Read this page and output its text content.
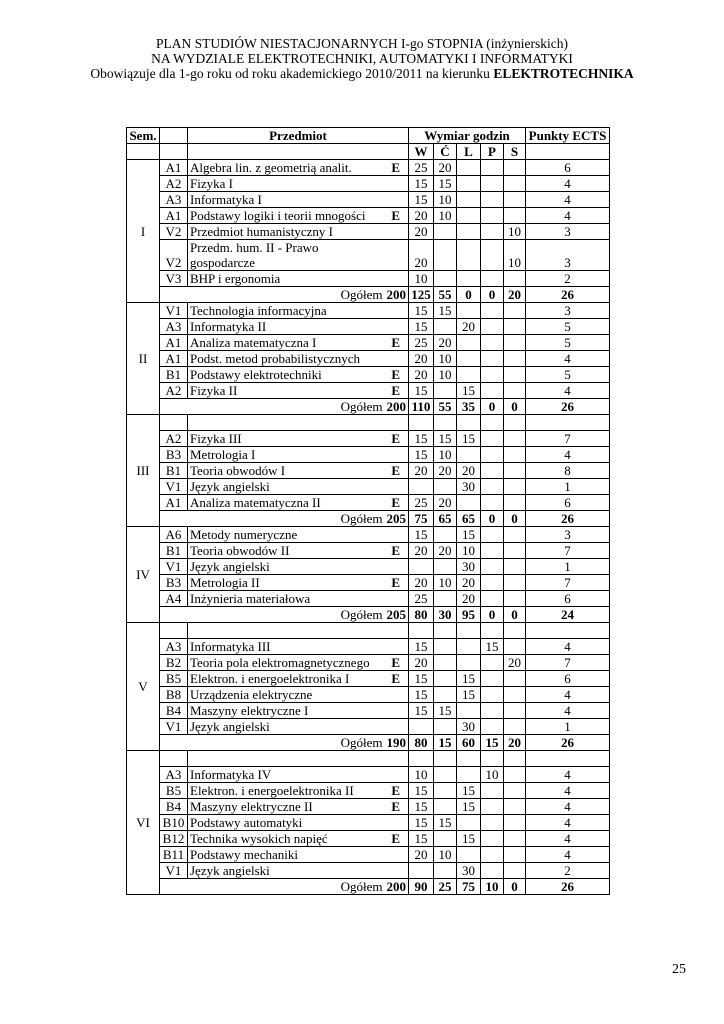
PLAN STUDIÓW NIESTACJONARNYCH I-go STOPNIA (inżynierskich)
NA WYDZIALE ELEKTROTECHNIKI, AUTOMATYKI I INFORMATYKI
Obowiązuje dla 1-go roku od roku akademickiego 2010/2011 na kierunku ELEKTROTECHNIKA
Sem.		Przedmiot	Wymiar godzin					Punkty ECTS
			W	Ć	L	P	S	
I	A1	Algebra lin. z geometrią analit. E	25	20				6
	A2	Fizyka I	15	15				4
	A3	Informatyka I	15	10				4
	A1	Podstawy logiki i teorii mnogości E	20	10				4
	V2	Przedmiot humanistyczny I	20				10	3
	V2	Przedm. hum. II - Prawo gospodarcze	20				10	3
	V3	BHP i ergonomia	10					2
	Ogółem 200		125	55	0	0	20	26
II	V1	Technologia informacyjna	15	15				3
	A3	Informatyka II	15		20			5
	A1	Analiza matematyczna I E	25	20				5
	A1	Podst. metod probabilistycznych	20	10				4
	B1	Podstawy elektrotechniki E	20	10				5
	A2	Fizyka II E	15		15			4
	Ogółem 200		110	55	35	0	0	26
III								
	A2	Fizyka III E	15	15	15			7
	B3	Metrologia I	15	10				4
	B1	Teoria obwodów I E	20	20	20			8
	V1	Język angielski			30			1
	A1	Analiza matematyczna II E	25	20				6
	Ogółem 205		75	65	65	0	0	26
IV	A6	Metody numeryczne	15		15			3
	B1	Teoria obwodów II E	20	20	10			7
	V1	Język angielski			30			1
	B3	Metrologia II E	20	10	20			7
	A4	Inżynieria materiałowa	25		20			6
	Ogółem 205		80	30	95	0	0	24
V								
	A3	Informatyka III	15			15		4
	B2	Teoria pola elektromagnetycznego E	20				20	7
	B5	Elektron. i energoelektronika I E	15		15			6
	B8	Urządzenia elektryczne	15		15			4
	B4	Maszyny elektryczne I	15	15				4
	V1	Język angielski			30			1
	Ogółem 190		80	15	60	15	20	26
VI								
	A3	Informatyka IV	10			10		4
	B5	Elektron. i energoelektronika II E	15		15			4
	B4	Maszyny elektryczne II E	15		15			4
	B10	Podstawy automatyki	15	15				4
	B12	Technika wysokich napięć E	15		15			4
	B11	Podstawy mechaniki	20	10				4
	V1	Język angielski			30			2
	Ogółem 200		90	25	75	10	0	26
25
